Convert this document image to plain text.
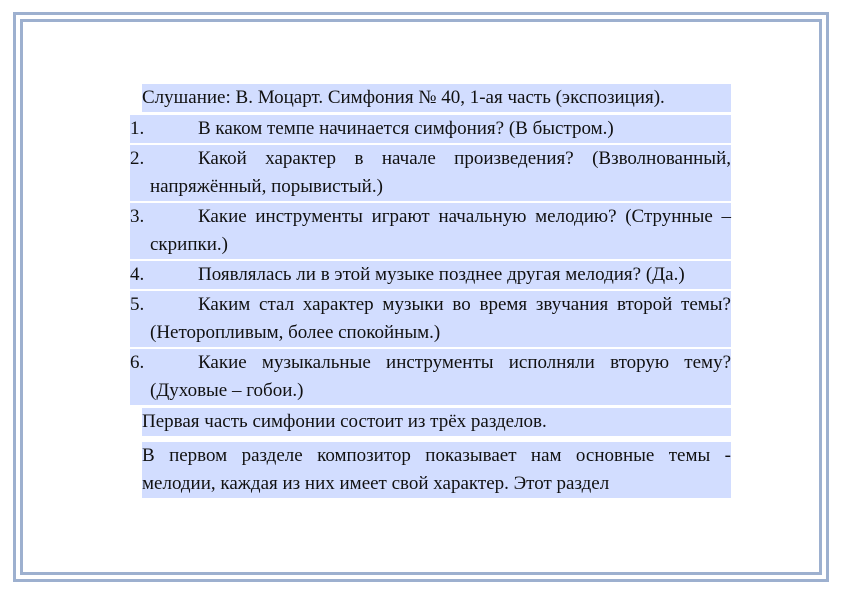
Слушание: В. Моцарт. Симфония № 40, 1-ая часть (экспозиция).

1.	В каком темпе начинается симфония? (В быстром.)
2.	Какой характер в начале произведения? (Взволнованный, напряжённый, порывистый.)
3.	Какие инструменты играют начальную мелодию? (Струнные – скрипки.)
4.	Появлялась ли в этой музыке позднее другая мелодия? (Да.)
5.	Каким стал характер музыки во время звучания второй темы? (Неторопливым, более спокойным.)
6.	Какие музыкальные инструменты исполняли вторую тему? (Духовые – гобои.)

Первая часть симфонии состоит из трёх разделов.

В первом разделе композитор показывает нам основные темы - мелодии, каждая из них имеет свой характер. Этот раздел
